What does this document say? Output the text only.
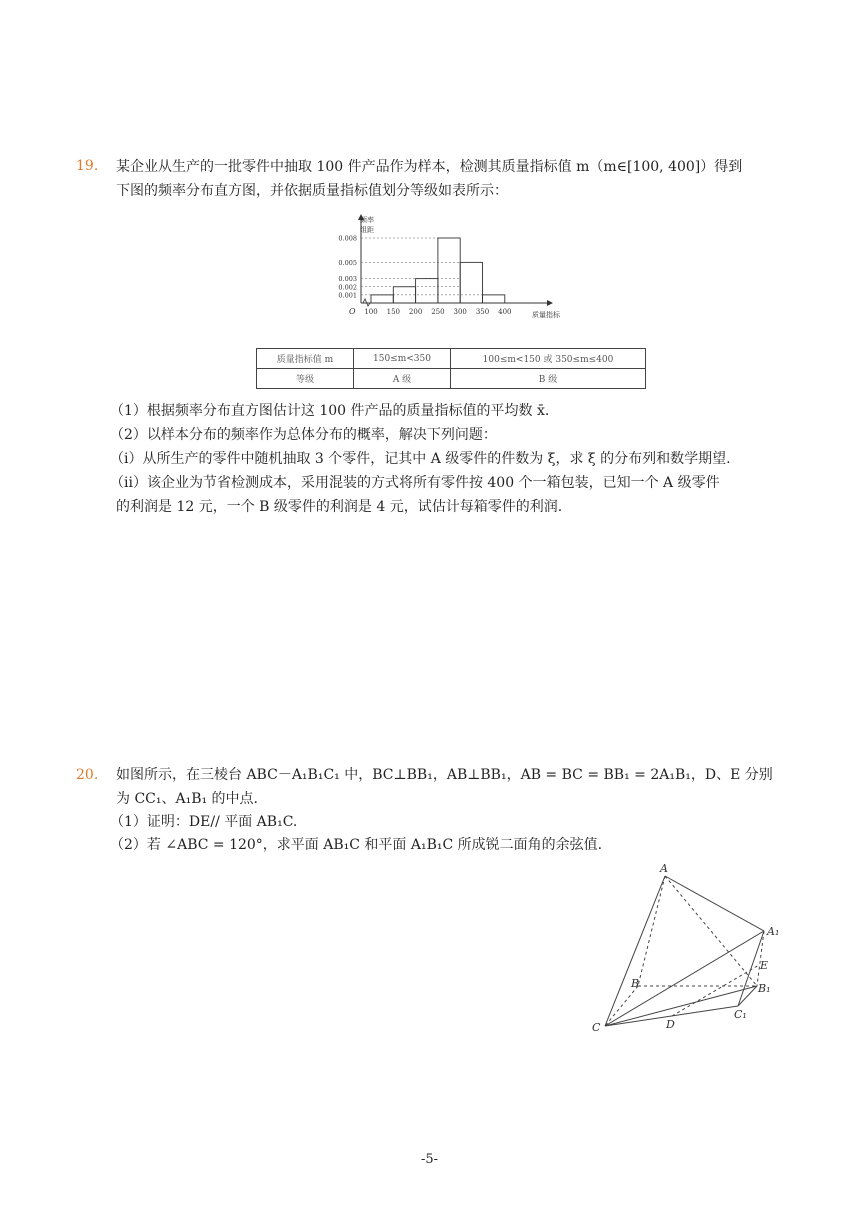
19. 某企业从生产的一批零件中抽取 100 件产品作为样本，检测其质量指标值 m（m∈[100, 400]）得到
下图的频率分布直方图，并依据质量指标值划分等级如表所示：
0.008
0.005
0.003
0.002
0.001
100 150 200 250 300 350 400
频率
组距
质量指标
O
质量指标值 m	150≤m<350	100≤m<150 或 350≤m≤400
等级	A 级	B 级
（1）根据频率分布直方图估计这 100 件产品的质量指标值的平均数 x̄.
（2）以样本分布的频率作为总体分布的概率，解决下列问题：
（i）从所生产的零件中随机抽取 3 个零件，记其中 A 级零件的件数为 ξ，求 ξ 的分布列和数学期望.
（ii）该企业为节省检测成本，采用混装的方式将所有零件按 400 个一箱包装，已知一个 A 级零件
的利润是 12 元，一个 B 级零件的利润是 4 元，试估计每箱零件的利润.
20. 如图所示，在三棱台 ABC－A₁B₁C₁ 中，BC⊥BB₁，AB⊥BB₁，AB = BC = BB₁ = 2A₁B₁，D、E 分别
为 CC₁、A₁B₁ 的中点.
（1）证明：DE// 平面 AB₁C.
（2）若 ∠ABC = 120°，求平面 AB₁C 和平面 A₁B₁C 所成锐二面角的余弦值.
A
A₁
B	B₁
C
C₁
D
E
-5-
